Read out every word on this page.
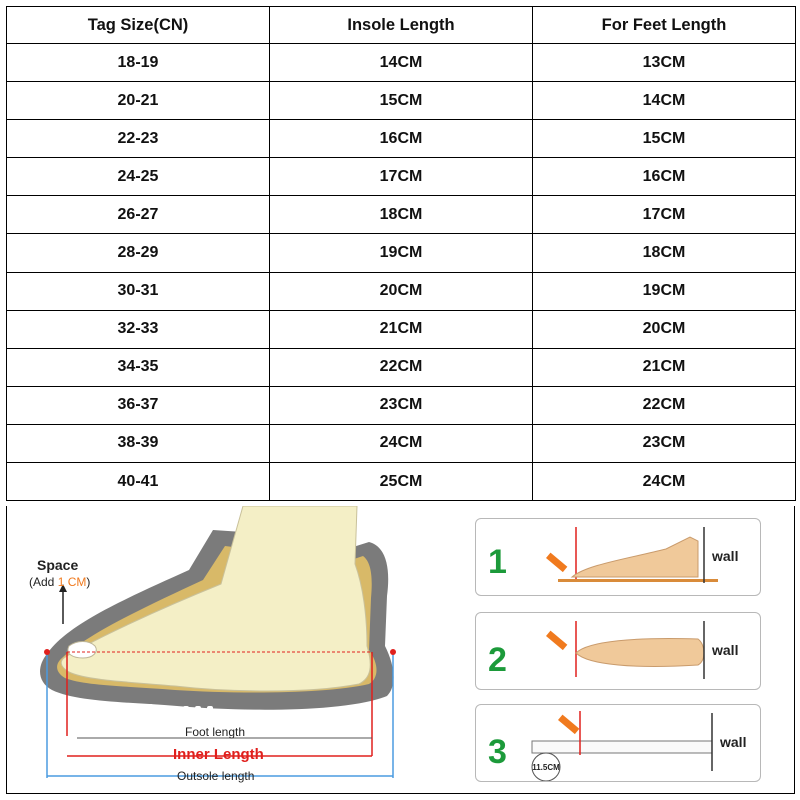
Tag Size(CN)	Insole Length	For Feet Length
18-19	14CM	13CM
20-21	15CM	14CM
22-23	16CM	15CM
24-25	17CM	16CM
26-27	18CM	17CM
28-29	19CM	18CM
30-31	20CM	19CM
32-33	21CM	20CM
34-35	22CM	21CM
36-37	23CM	22CM
38-39	24CM	23CM
40-41	25CM	24CM
Space
(Add 1 CM)
Foot length
Inner Length
Outsole length
1	wall
2	wall
3	wall
11.5CM
